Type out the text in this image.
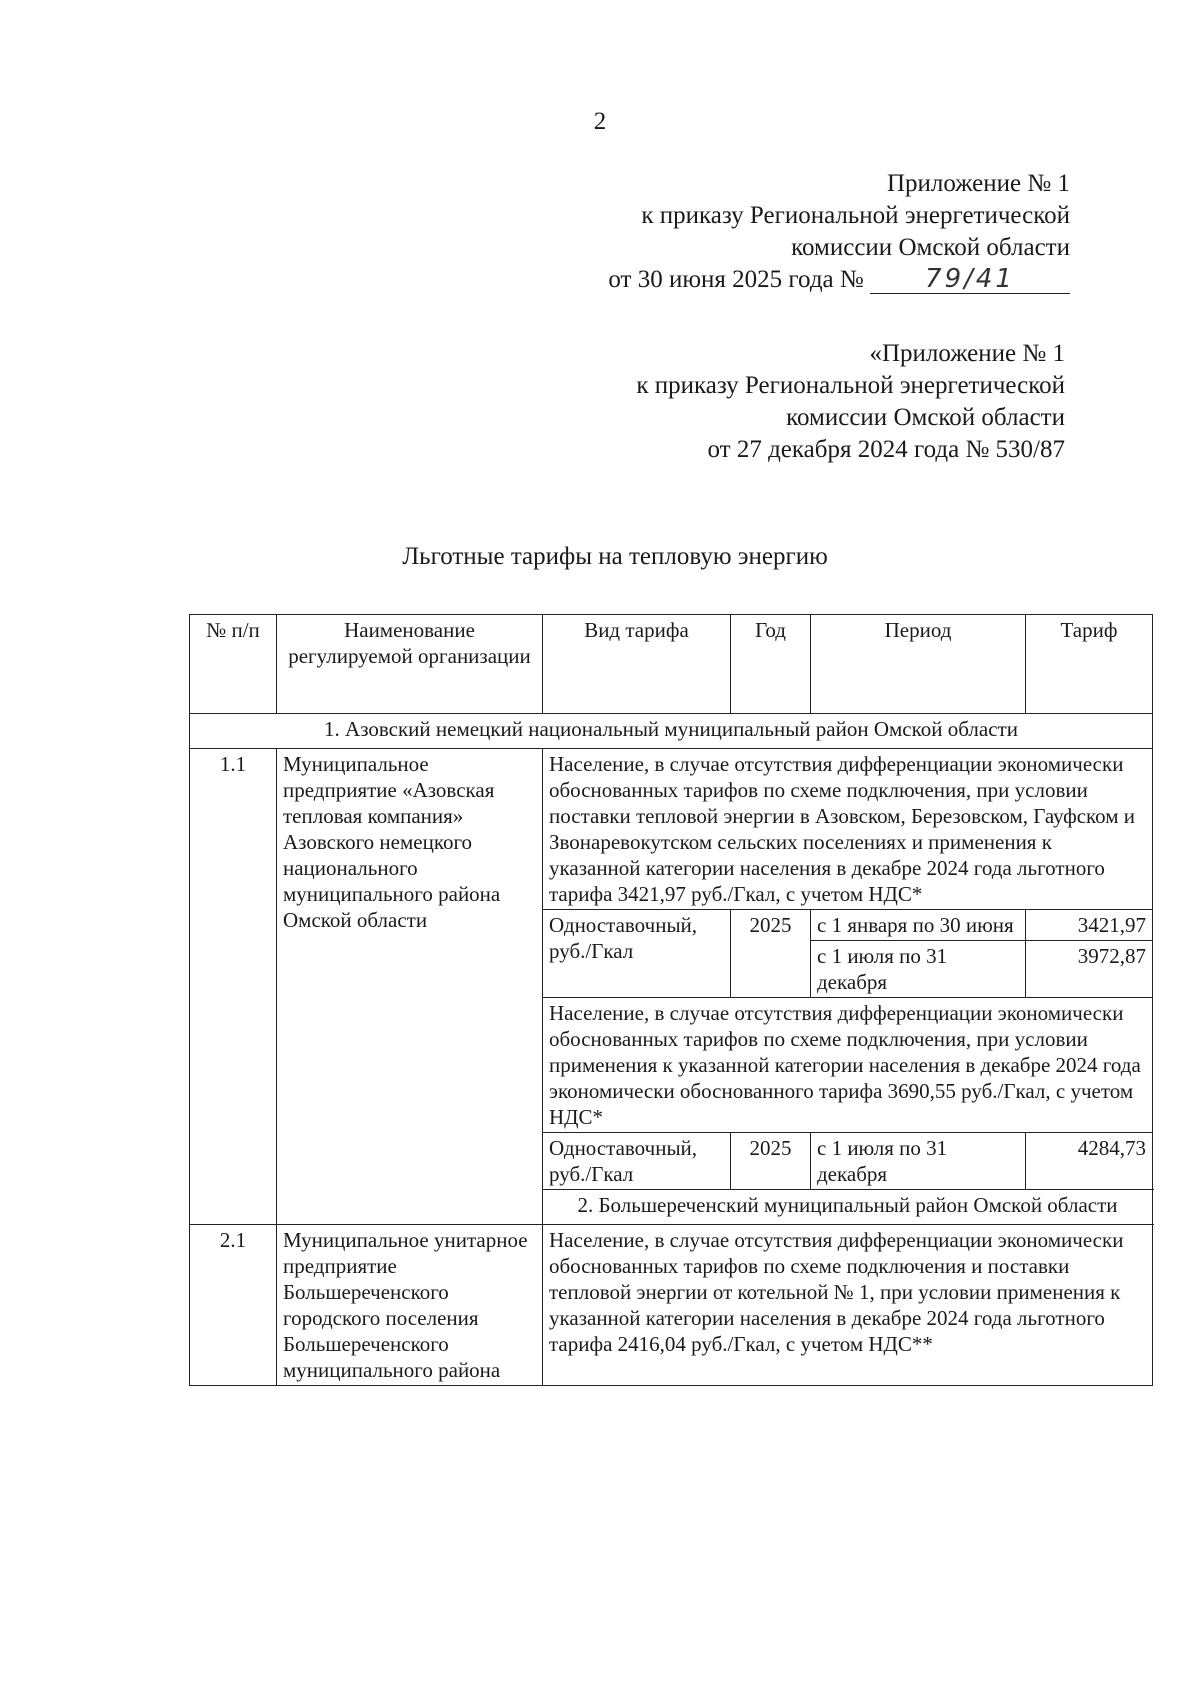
2
Приложение № 1
к приказу Региональной энергетической
комиссии Омской области
от 30 июня 2025 года № 79/41
«Приложение № 1
к приказу Региональной энергетической
комиссии Омской области
от 27 декабря 2024 года № 530/87
Льготные тарифы на тепловую энергию
№ п/п	Наименование регулируемой организации	Вид тарифа	Год	Период	Тариф
1. Азовский немецкий национальный муниципальный район Омской области					
1.1	Муниципальное предприятие «Азовская тепловая компания» Азовского немецкого национального муниципального района Омской области	Население, в случае отсутствия дифференциации экономически обоснованных тарифов по схеме подключения, при условии поставки тепловой энергии в Азовском, Березовском, Гауфском и Звонаревокутском сельских поселениях и применения к указанной категории населения в декабре 2024 года льготного тарифа 3421,97 руб./Гкал, с учетом НДС*			
		Одноставочный, руб./Гкал	2025	с 1 января по 30 июня	3421,97
				с 1 июля по 31 декабря	3972,87
		Население, в случае отсутствия дифференциации экономически обоснованных тарифов по схеме подключения, при условии применения к указанной категории населения в декабре 2024 года экономически обоснованного тарифа 3690,55 руб./Гкал, с учетом НДС*			
		Одноставочный, руб./Гкал	2025	с 1 июля по 31 декабря	4284,73
		2. Большереченский муниципальный район Омской области			
2.1	Муниципальное унитарное предприятие Большереченского городского поселения Большереченского муниципального района	Население, в случае отсутствия дифференциации экономически обоснованных тарифов по схеме подключения и поставки тепловой энергии от котельной № 1, при условии применения к указанной категории населения в декабре 2024 года льготного тарифа 2416,04 руб./Гкал, с учетом НДС**			
